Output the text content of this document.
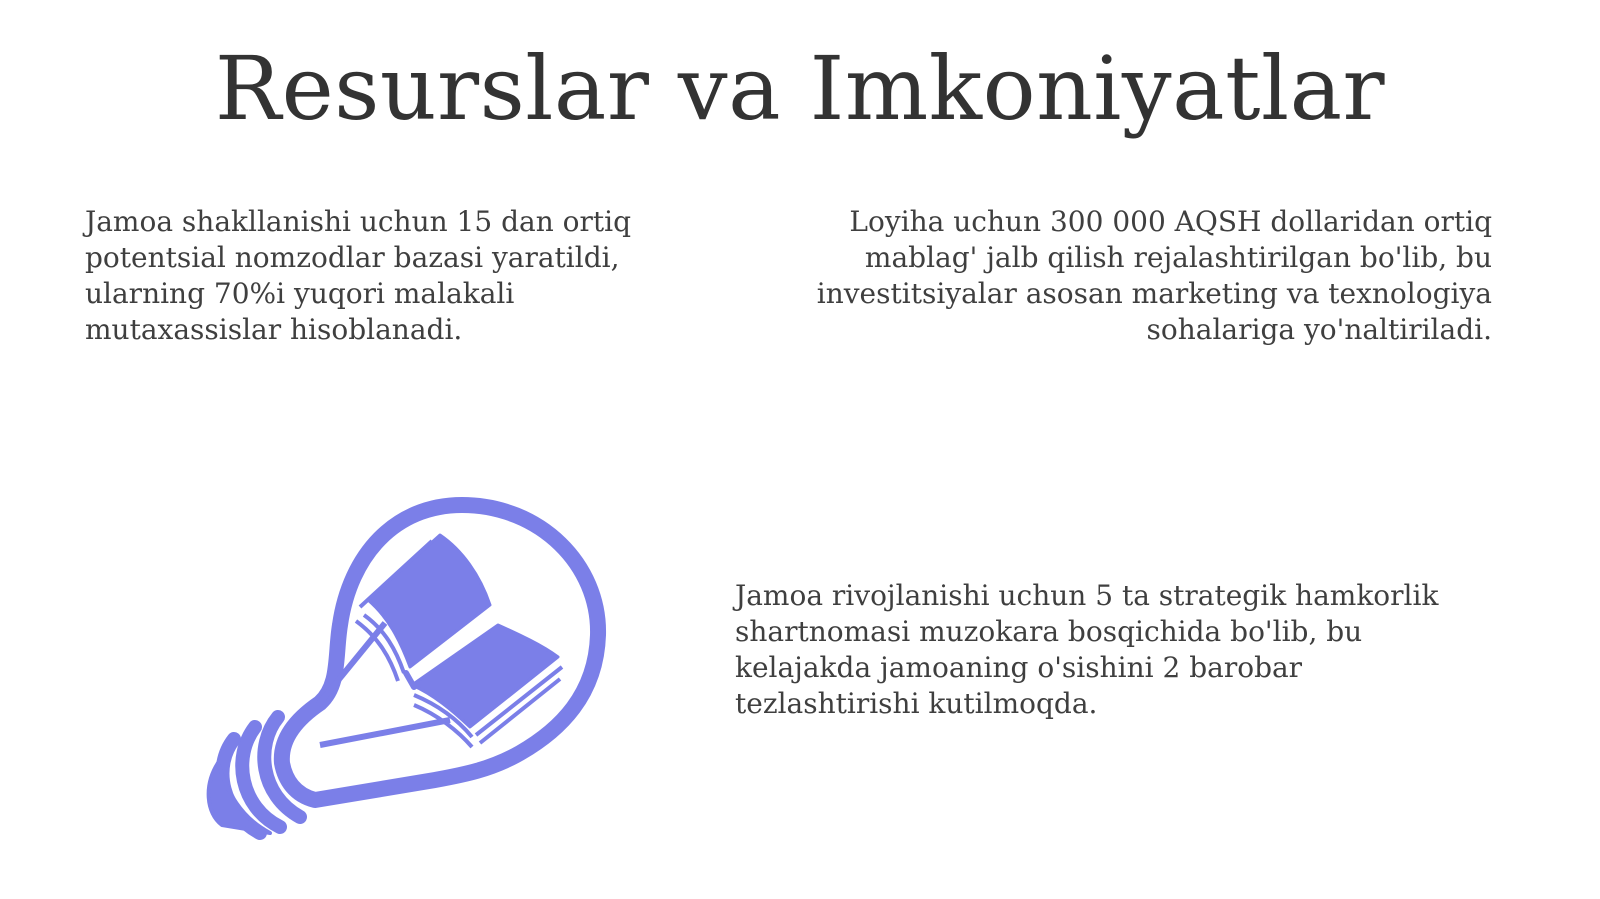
Resurslar va Imkoniyatlar

Jamoa shakllanishi uchun 15 dan ortiq
potentsial nomzodlar bazasi yaratildi,
ularning 70%i yuqori malakali
mutaxassislar hisoblanadi.

Loyiha uchun 300 000 AQSH dollaridan ortiq
mablag' jalb qilish rejalashtirilgan bo'lib, bu
investitsiyalar asosan marketing va texnologiya
sohalariga yo'naltiriladi.

Jamoa rivojlanishi uchun 5 ta strategik hamkorlik
shartnomasi muzokara bosqichida bo'lib, bu
kelajakda jamoaning o'sishini 2 barobar
tezlashtirishi kutilmoqda.
